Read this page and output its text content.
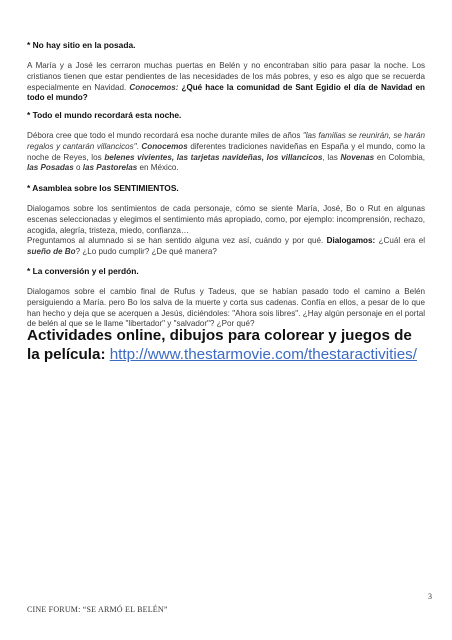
* No hay sitio en la posada.

A María y a José les cerraron muchas puertas en Belén y no encontraban sitio para pasar la noche. Los cristianos tienen que estar pendientes de las necesidades de los más pobres, y eso es algo que se recuerda especialmente en Navidad. Conocemos: ¿Qué hace la comunidad de Sant Egidio el día de Navidad en todo el mundo?

* Todo el mundo recordará esta noche.

Débora cree que todo el mundo recordará esa noche durante miles de años "las familias se reunirán, se harán regalos y cantarán villancicos". Conocemos diferentes tradiciones navideñas en España y el mundo, como la noche de Reyes, los belenes vivientes, las tarjetas navideñas, los villancicos, las Novenas en Colombia, las Posadas o las Pastorelas en México.

* Asamblea sobre los SENTIMIENTOS.

Dialogamos sobre los sentimientos de cada personaje, cómo se siente María, José, Bo o Rut en algunas escenas seleccionadas y elegimos el sentimiento más apropiado, como, por ejemplo: incomprensión, rechazo, acogida, alegría, tristeza, miedo, confianza…

Preguntamos al alumnado si se han sentido alguna vez así, cuándo y por qué. Dialogamos: ¿Cuál era el sueño de Bo? ¿Lo pudo cumplir? ¿De qué manera?

* La conversión y el perdón.

Dialogamos sobre el cambio final de Rufus y Tadeus, que se habían pasado todo el camino a Belén persiguiendo a María. pero Bo los salva de la muerte y corta sus cadenas. Confía en ellos, a pesar de lo que han hecho y deja que se acerquen a Jesús, diciéndoles: "Ahora sois libres". ¿Hay algún personaje en el portal de belén al que se le llame "libertador" y "salvador"? ¿Por qué?

Actividades online, dibujos para colorear y juegos de la película: http://www.thestarmovie.com/thestaractivities/

3
CINE FORUM: “SE ARMÓ EL BELÉN”
